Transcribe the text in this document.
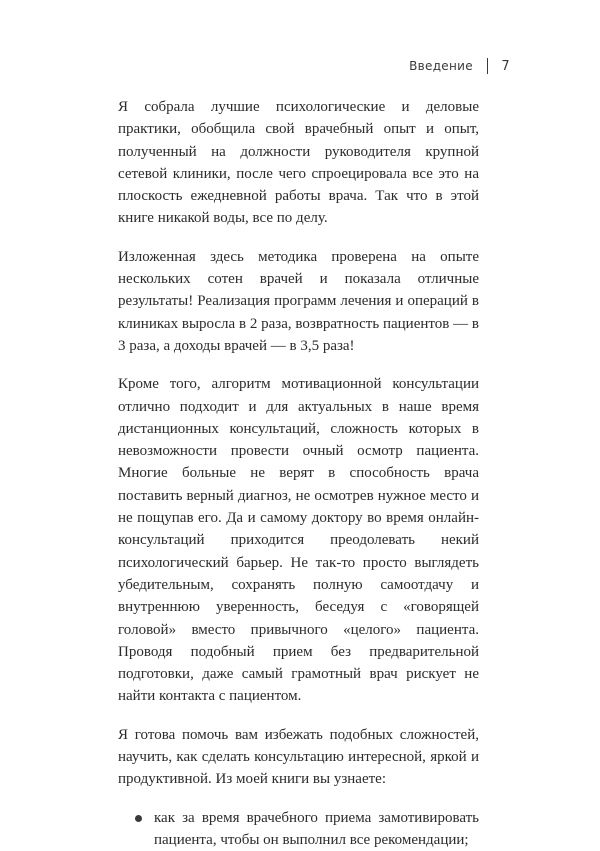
Введение 7

Я собрала лучшие психологические и деловые практики, обобщила свой врачебный опыт и опыт, полученный на должности руководителя крупной сетевой клиники, после чего спроецировала все это на плоскость ежедневной работы врача. Так что в этой книге никакой воды, все по делу.

Изложенная здесь методика проверена на опыте нескольких сотен врачей и показала отличные результаты! Реализация программ лечения и операций в клиниках выросла в 2 раза, возвратность пациентов — в 3 раза, а доходы врачей — в 3,5 раза!

Кроме того, алгоритм мотивационной консультации отлично подходит и для актуальных в наше время дистанционных консультаций, сложность которых в невозможности провести очный осмотр пациента. Многие больные не верят в способность врача поставить верный диагноз, не осмотрев нужное место и не пощупав его. Да и самому доктору во время онлайн-консультаций приходится преодолевать некий психологический барьер. Не так-то просто выглядеть убедительным, сохранять полную самоотдачу и внутреннюю уверенность, беседуя с «говорящей головой» вместо привычного «целого» пациента. Проводя подобный прием без предварительной подготовки, даже самый грамотный врач рискует не найти контакта с пациентом.

Я готова помочь вам избежать подобных сложностей, научить, как сделать консультацию интересной, яркой и продуктивной. Из моей книги вы узнаете:

как за время врачебного приема замотивировать пациента, чтобы он выполнил все рекомендации;
